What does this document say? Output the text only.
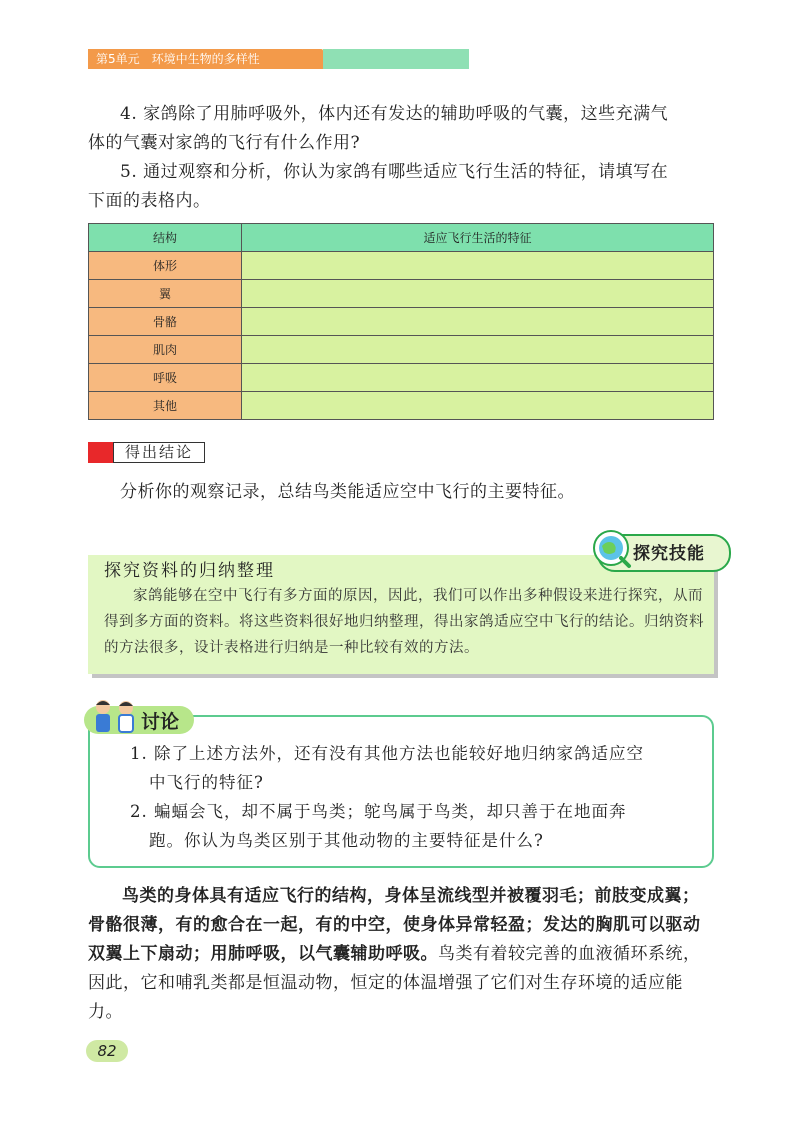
第5单元　环境中生物的多样性
4. 家鸽除了用肺呼吸外，体内还有发达的辅助呼吸的气囊，这些充满气
体的气囊对家鸽的飞行有什么作用?
5. 通过观察和分析，你认为家鸽有哪些适应飞行生活的特征，请填写在
下面的表格内。
结构	适应飞行生活的特征
体形	
翼	
骨骼	
肌肉	
呼吸	
其他	
得出结论
分析你的观察记录，总结鸟类能适应空中飞行的主要特征。
探究资料的归纳整理
家鸽能够在空中飞行有多方面的原因，因此，我们可以作出多种假设来进行探究，从而得到多方面的资料。将这些资料很好地归纳整理，得出家鸽适应空中飞行的结论。归纳资料的方法很多，设计表格进行归纳是一种比较有效的方法。
探究技能
讨论
1. 除了上述方法外，还有没有其他方法也能较好地归纳家鸽适应空
中飞行的特征?
2. 蝙蝠会飞，却不属于鸟类；鸵鸟属于鸟类，却只善于在地面奔
跑。你认为鸟类区别于其他动物的主要特征是什么?
鸟类的身体具有适应飞行的结构，身体呈流线型并被覆羽毛；前肢变成翼；骨骼很薄，有的愈合在一起，有的中空，使身体异常轻盈；发达的胸肌可以驱动双翼上下扇动；用肺呼吸，以气囊辅助呼吸。鸟类有着较完善的血液循环系统，因此，它和哺乳类都是恒温动物，恒定的体温增强了它们对生存环境的适应能力。
82
